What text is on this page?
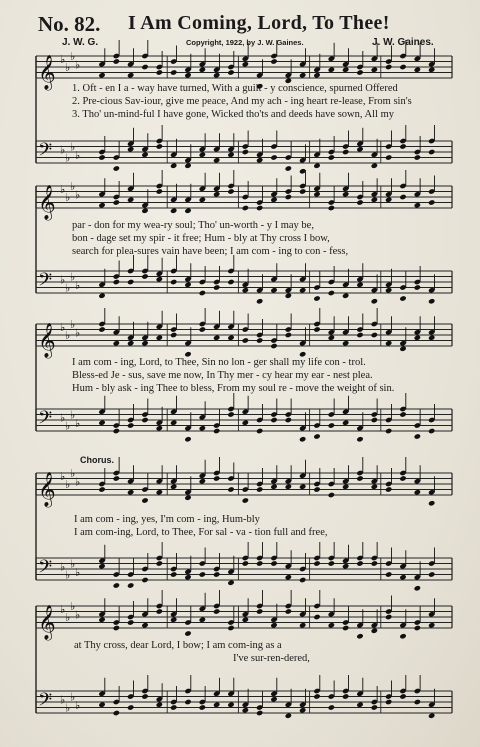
No. 82. I Am Coming, Lord, To Thee!
J. W. G.	Copyright, 1922, by J. W. Gaines.	J. W. Gaines.
𝄞 ♭
♭
♭
♭
𝄢 ♭
♭
♭
♭
1. Oft - en I a - way have turned, With a guilt - y conscience, spurned Offered
2. Pre-cious Sav-iour, give me peace, And my ach - ing heart re-lease, From sin's
3. Tho' un-mind-ful I have gone, Wicked tho'ts and deeds have sown, All my
𝄞 ♭
♭
♭
♭
𝄢 ♭
♭
♭
♭
par - don for my wea-ry soul; Tho' un-worth - y I may be,
bon - dage set my spir - it free; Hum - bly at Thy cross I bow,
search for plea-sures vain have been; I am com - ing to con - fess,
𝄞 ♭
♭
♭
♭
𝄢 ♭
♭
♭
♭
I am com - ing, Lord, to Thee, Sin no lon - ger shall my life con - trol.
Bless-ed Je - sus, save me now, In Thy mer - cy hear my ear - nest plea.
Hum - bly ask - ing Thee to bless, From my soul re - move the weight of sin.
Chorus.
𝄞 ♭
♭
♭
♭
𝄢 ♭
♭
♭
♭
I am com - ing, yes, I'm com - ing, Hum-bly
I am com-ing, Lord, to Thee, For sal - va - tion full and free,
𝄞 ♭
♭
♭
♭
𝄢 ♭
♭
♭
♭
at Thy cross, dear Lord, I bow; I am com-ing as a
I've sur-ren-dered,
